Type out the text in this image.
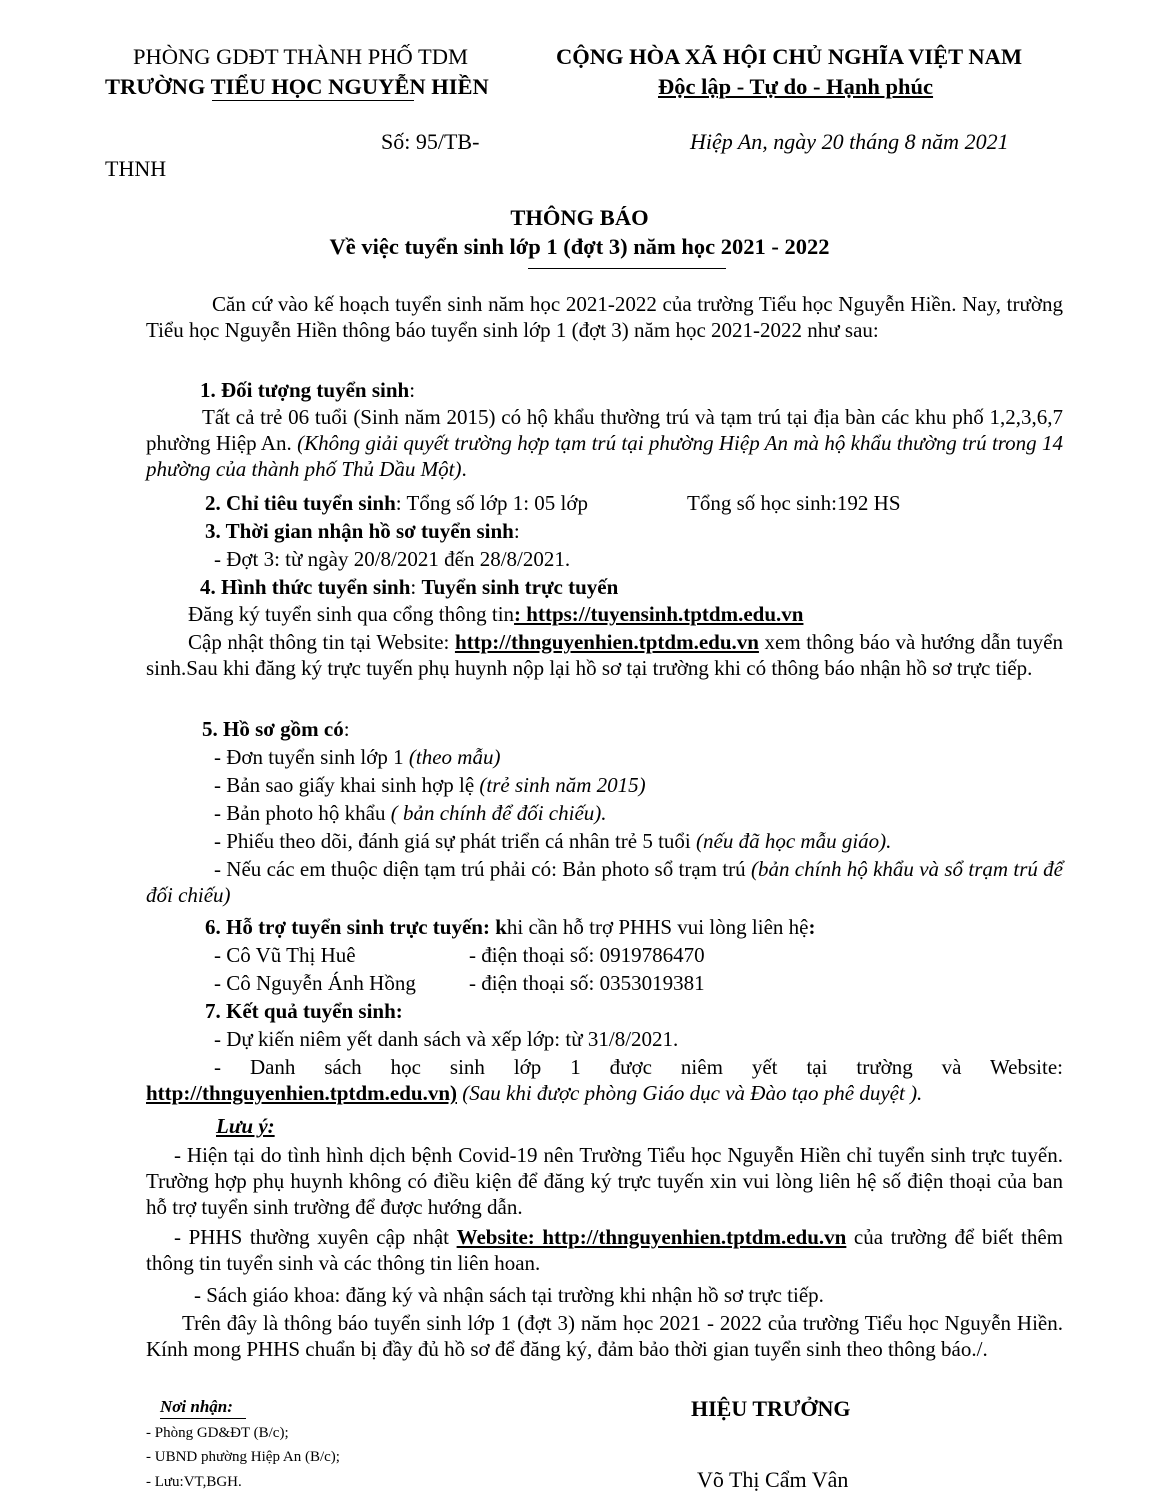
PHÒNG GDĐT THÀNH PHỐ TDM
TRƯỜNG TIỂU HỌC NGUYỄN HIỀN
CỘNG HÒA XÃ HỘI CHỦ NGHĨA VIỆT NAM
Độc lập - Tự do - Hạnh phúc
Số: 95/TB-
THNH
Hiệp An, ngày 20 tháng 8 năm 2021
THÔNG BÁO
Về việc tuyển sinh lớp 1 (đợt 3) năm học 2021 - 2022
Căn cứ vào kế hoạch tuyển sinh năm học 2021-2022 của trường Tiểu học Nguyễn Hiền. Nay, trường Tiểu học Nguyễn Hiền thông báo tuyển sinh lớp 1 (đợt 3) năm học 2021-2022 như sau:
1. Đối tượng tuyển sinh:
Tất cả trẻ 06 tuổi (Sinh năm 2015) có hộ khẩu thường trú và tạm trú tại địa bàn các khu phố 1,2,3,6,7 phường Hiệp An. (Không giải quyết trường hợp tạm trú tại phường Hiệp An mà hộ khẩu thường trú trong 14 phường của thành phố Thủ Dầu Một).
2. Chỉ tiêu tuyển sinh: Tổng số lớp 1: 05 lớp	Tổng số học sinh:192 HS
3. Thời gian nhận hồ sơ tuyển sinh:
- Đợt 3: từ ngày 20/8/2021 đến 28/8/2021.
4. Hình thức tuyển sinh: Tuyển sinh trực tuyến
Đăng ký tuyển sinh qua cổng thông tin: https://tuyensinh.tptdm.edu.vn
Cập nhật thông tin tại Website: http://thnguyenhien.tptdm.edu.vn xem thông báo và hướng dẫn tuyển sinh.Sau khi đăng ký trực tuyến phụ huynh nộp lại hồ sơ tại trường khi có thông báo nhận hồ sơ trực tiếp.
5. Hồ sơ gồm có:
- Đơn tuyển sinh lớp 1 (theo mẫu)
- Bản sao giấy khai sinh hợp lệ (trẻ sinh năm 2015)
- Bản photo hộ khẩu ( bản chính để đối chiếu).
- Phiếu theo dõi, đánh giá sự phát triển cá nhân trẻ 5 tuổi (nếu đã học mẫu giáo).
- Nếu các em thuộc diện tạm trú phải có: Bản photo sổ trạm trú (bản chính hộ khẩu và sổ trạm trú để đối chiếu)
6. Hỗ trợ tuyển sinh trực tuyến: khi cần hỗ trợ PHHS vui lòng liên hệ:
- Cô Vũ Thị Huê	- điện thoại số: 0919786470
- Cô Nguyễn Ánh Hồng	- điện thoại số: 0353019381
7. Kết quả tuyển sinh:
- Dự kiến niêm yết danh sách và xếp lớp: từ 31/8/2021.
- Danh sách học sinh lớp 1 được niêm yết tại trường và Website: http://thnguyenhien.tptdm.edu.vn) (Sau khi được phòng Giáo dục và Đào tạo phê duyệt ).
Lưu ý:
- Hiện tại do tình hình dịch bệnh Covid-19 nên Trường Tiểu học Nguyễn Hiền chỉ tuyển sinh trực tuyến. Trường hợp phụ huynh không có điều kiện để đăng ký trực tuyến xin vui lòng liên hệ số điện thoại của ban hỗ trợ tuyển sinh trường để được hướng dẫn.
- PHHS thường xuyên cập nhật Website: http://thnguyenhien.tptdm.edu.vn của trường để biết thêm thông tin tuyển sinh và các thông tin liên hoan.
- Sách giáo khoa: đăng ký và nhận sách tại trường khi nhận hồ sơ trực tiếp.
Trên đây là thông báo tuyển sinh lớp 1 (đợt 3) năm học 2021 - 2022 của trường Tiểu học Nguyễn Hiền. Kính mong PHHS chuẩn bị đầy đủ hồ sơ để đăng ký, đảm bảo thời gian tuyển sinh theo thông báo./.
Nơi nhận:
- Phòng GD&ĐT (B/c);
- UBND phường Hiệp An (B/c);
- Lưu:VT,BGH.
HIỆU TRƯỞNG
Võ Thị Cẩm Vân
